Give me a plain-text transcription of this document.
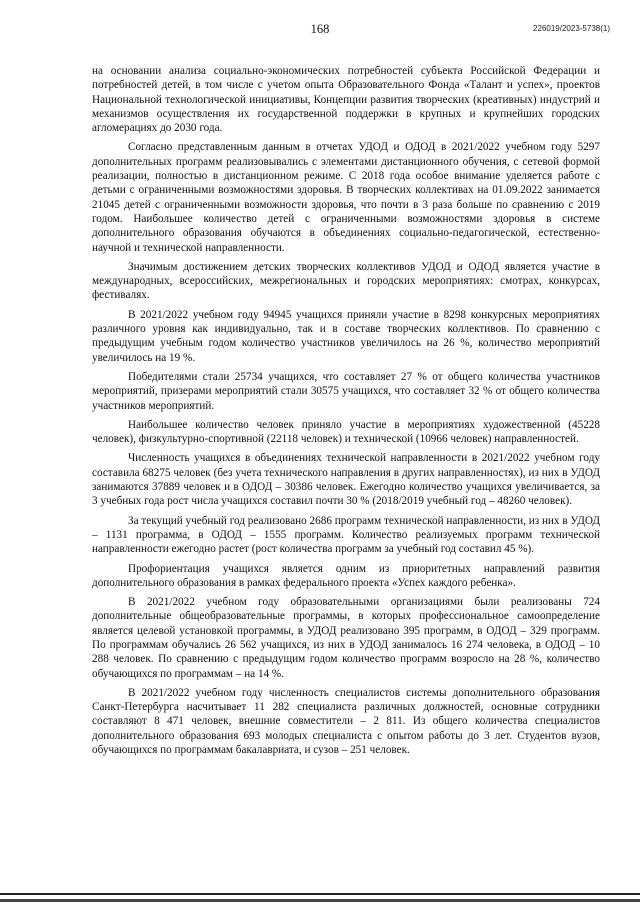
168	226019/2023-5738(1)

на основании анализа социально-экономических потребностей субъекта Российской Федерации и потребностей детей, в том числе с учетом опыта Образовательного Фонда «Талант и успех», проектов Национальной технологической инициативы, Концепции развития творческих (креативных) индустрий и механизмов осуществления их государственной поддержки в крупных и крупнейших городских агломерациях до 2030 года.

Согласно представленным данным в отчетах УДОД и ОДОД в 2021/2022 учебном году 5297 дополнительных программ реализовывались с элементами дистанционного обучения, с сетевой формой реализации, полностью в дистанционном режиме. С 2018 года особое внимание уделяется работе с детьми с ограниченными возможностями здоровья. В творческих коллективах на 01.09.2022 занимается 21045 детей с ограниченными возможности здоровья, что почти в 3 раза больше по сравнению с 2019 годом. Наибольшее количество детей с ограниченными возможностями здоровья в системе дополнительного образования обучаются в объединениях социально-педагогической, естественно-научной и технической направленности.

Значимым достижением детских творческих коллективов УДОД и ОДОД является участие в международных, всероссийских, межрегиональных и городских мероприятиях: смотрах, конкурсах, фестивалях.

В 2021/2022 учебном году 94945 учащихся приняли участие в 8298 конкурсных мероприятиях различного уровня как индивидуально, так и в составе творческих коллективов. По сравнению с предыдущим учебным годом количество участников увеличилось на 26 %, количество мероприятий увеличилось на 19 %.

Победителями стали 25734 учащихся, что составляет 27 % от общего количества участников мероприятий, призерами мероприятий стали 30575 учащихся, что составляет 32 % от общего количества участников мероприятий.

Наибольшее количество человек приняло участие в мероприятиях художественной (45228 человек), физкультурно-спортивной (22118 человек) и технической (10966 человек) направленностей.

Численность учащихся в объединениях технической направленности в 2021/2022 учебном году составила 68275 человек (без учета технического направления в других направленностях), из них в УДОД занимаются 37889 человек и в ОДОД – 30386 человек. Ежегодно количество учащихся увеличивается, за 3 учебных года рост числа учащихся составил почти 30 % (2018/2019 учебный год – 48260 человек).

За текущий учебный год реализовано 2686 программ технической направленности, из них в УДОД – 1131 программа, в ОДОД – 1555 программ. Количество реализуемых программ технической направленности ежегодно растет (рост количества программ за учебный год составил 45 %).

Профориентация учащихся является одним из приоритетных направлений развития дополнительного образования в рамках федерального проекта «Успех каждого ребенка».

В 2021/2022 учебном году образовательными организациями были реализованы 724 дополнительные общеобразовательные программы, в которых профессиональное самоопределение является целевой установкой программы, в УДОД реализовано 395 программ, в ОДОД – 329 программ. По программам обучались 26 562 учащихся, из них в УДОД занималось 16 274 человека, в ОДОД – 10 288 человек. По сравнению с предыдущим годом количество программ возросло на 28 %, количество обучающихся по программам – на 14 %.

В 2021/2022 учебном году численность специалистов системы дополнительного образования Санкт-Петербурга насчитывает 11 282 специалиста различных должностей, основные сотрудники составляют 8 471 человек, внешние совместители – 2 811. Из общего количества специалистов дополнительного образования 693 молодых специалиста с опытом работы до 3 лет. Студентов вузов, обучающихся по программам бакалавриата, и сузов – 251 человек.
